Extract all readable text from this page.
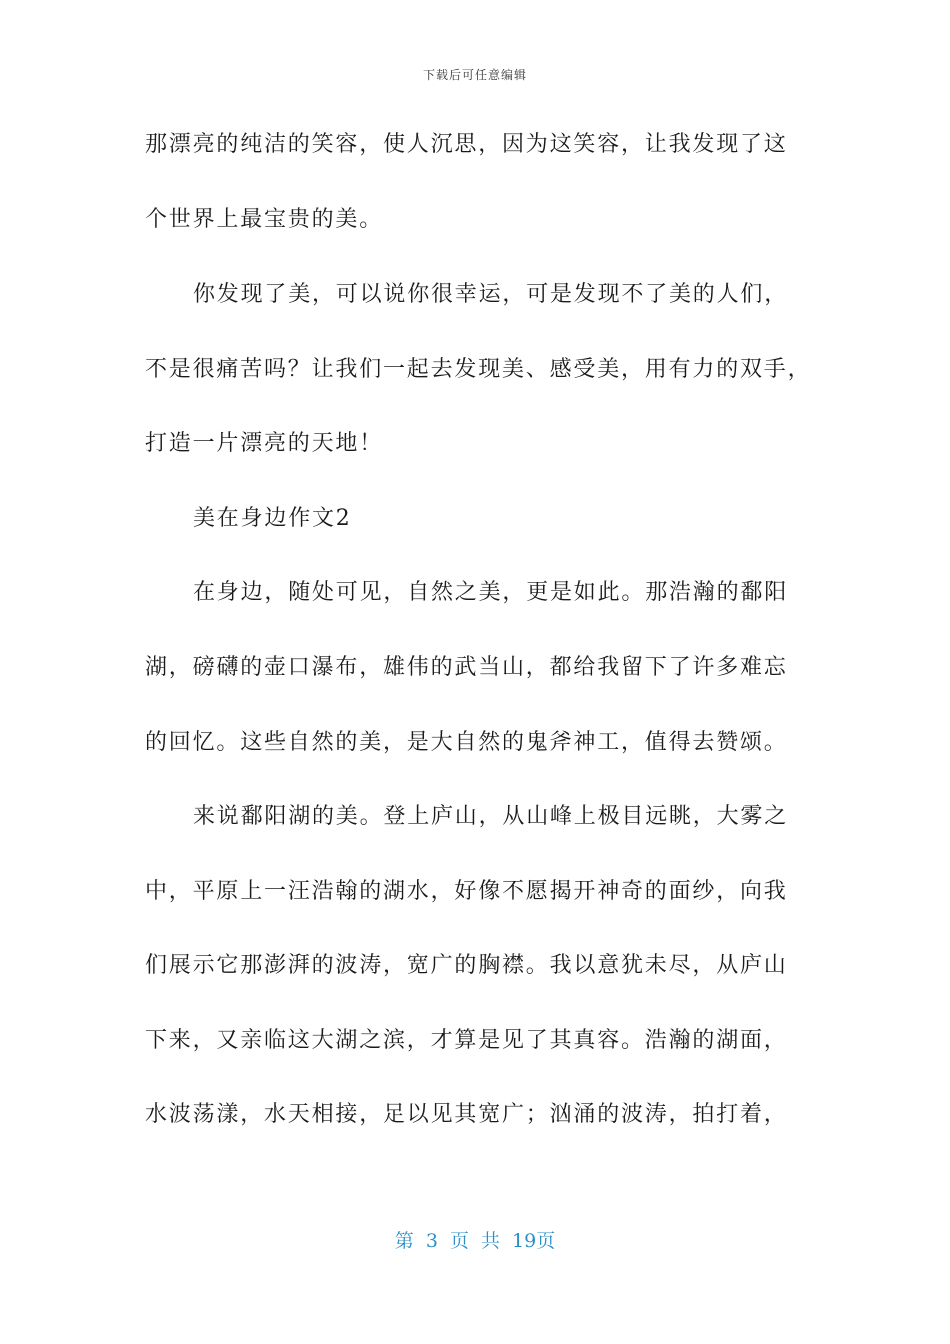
下载后可任意编辑
那漂亮的纯洁的笑容，使人沉思，因为这笑容，让我发现了这
个世界上最宝贵的美。
你发现了美，可以说你很幸运，可是发现不了美的人们，
不是很痛苦吗？让我们一起去发现美、感受美，用有力的双手，
打造一片漂亮的天地！
美在身边作文2
在身边，随处可见，自然之美，更是如此。那浩瀚的鄱阳
湖，磅礴的壶口瀑布，雄伟的武当山，都给我留下了许多难忘
的回忆。这些自然的美，是大自然的鬼斧神工，值得去赞颂。
来说鄱阳湖的美。登上庐山，从山峰上极目远眺，大雾之
中，平原上一汪浩翰的湖水，好像不愿揭开神奇的面纱，向我
们展示它那澎湃的波涛，宽广的胸襟。我以意犹未尽，从庐山
下来，又亲临这大湖之滨，才算是见了其真容。浩瀚的湖面，
水波荡漾，水天相接，足以见其宽广；汹涌的波涛，拍打着，
第 3 页 共 19页
